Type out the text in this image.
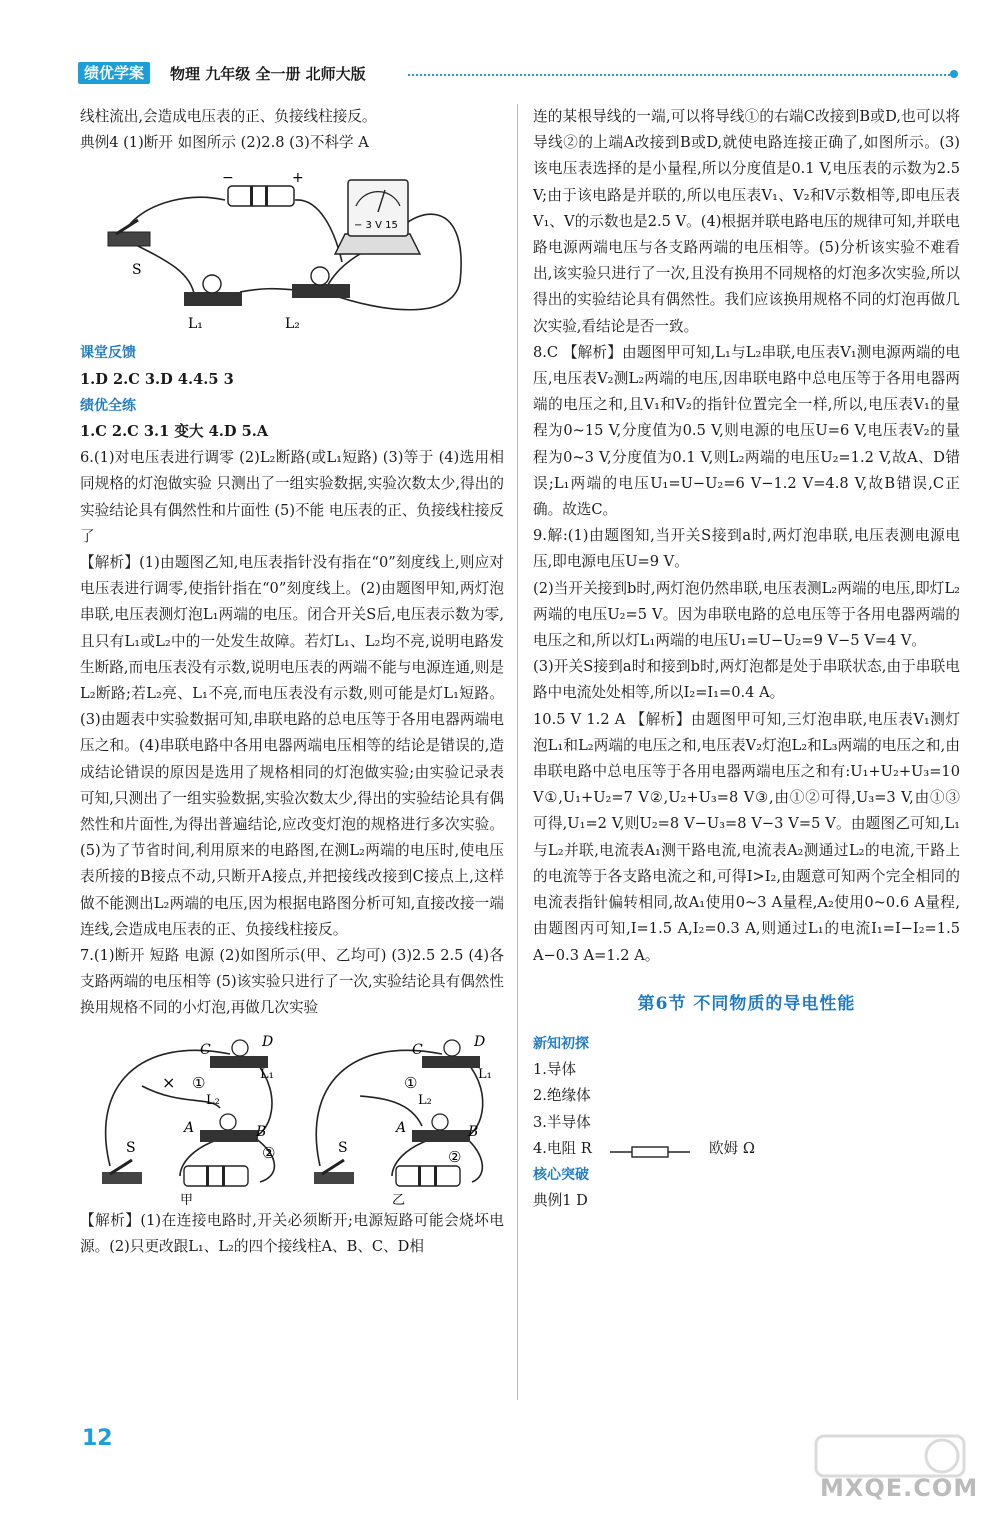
绩优学案	物理 九年级 全一册 北师大版

线柱流出,会造成电压表的正、负接线柱接反。

典例4 (1)断开 如图所示 (2)2.8 (3)不科学 A

−	+
− 3 V 15
S
L₁	L₂

课堂反馈

1.D 2.C 3.D 4.4.5 3

绩优全练

1.C 2.C 3.1 变大 4.D 5.A

6.(1)对电压表进行调零 (2)L₂断路(或L₁短路) (3)等于 (4)选用相同规格的灯泡做实验 只测出了一组实验数据,实验次数太少,得出的实验结论具有偶然性和片面性 (5)不能 电压表的正、负接线柱接反了

【解析】(1)由题图乙知,电压表指针没有指在“0”刻度线上,则应对电压表进行调零,使指针指在“0”刻度线上。(2)由题图甲知,两灯泡串联,电压表测灯泡L₁两端的电压。闭合开关S后,电压表示数为零,且只有L₁或L₂中的一处发生故障。若灯L₁、L₂均不亮,说明电路发生断路,而电压表没有示数,说明电压表的两端不能与电源连通,则是L₂断路;若L₂亮、L₁不亮,而电压表没有示数,则可能是灯L₁短路。(3)由题表中实验数据可知,串联电路的总电压等于各用电器两端电压之和。(4)串联电路中各用电器两端电压相等的结论是错误的,造成结论错误的原因是选用了规格相同的灯泡做实验;由实验记录表可知,只测出了一组实验数据,实验次数太少,得出的实验结论具有偶然性和片面性,为得出普遍结论,应改变灯泡的规格进行多次实验。(5)为了节省时间,利用原来的电路图,在测L₂两端的电压时,使电压表所接的B接点不动,只断开A接点,并把接线改接到C接点上,这样做不能测出L₂两端的电压,因为根据电路图分析可知,直接改接一端连线,会造成电压表的正、负接线柱接反。

7.(1)断开 短路 电源 (2)如图所示(甲、乙均可) (3)2.5 2.5 (4)各支路两端的电压相等 (5)该实验只进行了一次,实验结论具有偶然性 换用规格不同的小灯泡,再做几次实验

C	D
L₁
× ①
L₂
A	B
②
S
甲
C	D
L₁
①
L₂
A	B
②
S
乙

【解析】(1)在连接电路时,开关必须断开;电源短路可能会烧坏电源。(2)只更改跟L₁、L₂的四个接线柱A、B、C、D相

连的某根导线的一端,可以将导线①的右端C改接到B或D,也可以将导线②的上端A改接到B或D,就使电路连接正确了,如图所示。(3)该电压表选择的是小量程,所以分度值是0.1 V,电压表的示数为2.5 V;由于该电路是并联的,所以电压表V₁、V₂和V示数相等,即电压表V₁、V的示数也是2.5 V。(4)根据并联电路电压的规律可知,并联电路电源两端电压与各支路两端的电压相等。(5)分析该实验不难看出,该实验只进行了一次,且没有换用不同规格的灯泡多次实验,所以得出的实验结论具有偶然性。我们应该换用规格不同的灯泡再做几次实验,看结论是否一致。

8.C 【解析】由题图甲可知,L₁与L₂串联,电压表V₁测电源两端的电压,电压表V₂测L₂两端的电压,因串联电路中总电压等于各用电器两端的电压之和,且V₁和V₂的指针位置完全一样,所以,电压表V₁的量程为0~15 V,分度值为0.5 V,则电源的电压U=6 V,电压表V₂的量程为0~3 V,分度值为0.1 V,则L₂两端的电压U₂=1.2 V,故A、D错误;L₁两端的电压U₁=U−U₂=6 V−1.2 V=4.8 V,故B错误,C正确。故选C。

9.解:(1)由题图知,当开关S接到a时,两灯泡串联,电压表测电源电压,即电源电压U=9 V。

(2)当开关接到b时,两灯泡仍然串联,电压表测L₂两端的电压,即灯L₂两端的电压U₂=5 V。因为串联电路的总电压等于各用电器两端的电压之和,所以灯L₁两端的电压U₁=U−U₂=9 V−5 V=4 V。

(3)开关S接到a时和接到b时,两灯泡都是处于串联状态,由于串联电路中电流处处相等,所以I₂=I₁=0.4 A。

10.5 V 1.2 A 【解析】由题图甲可知,三灯泡串联,电压表V₁测灯泡L₁和L₂两端的电压之和,电压表V₂灯泡L₂和L₃两端的电压之和,由串联电路中总电压等于各用电器两端电压之和有:U₁+U₂+U₃=10 V①,U₁+U₂=7 V②,U₂+U₃=8 V③,由①②可得,U₃=3 V,由①③可得,U₁=2 V,则U₂=8 V−U₃=8 V−3 V=5 V。由题图乙可知,L₁与L₂并联,电流表A₁测干路电流,电流表A₂测通过L₂的电流,干路上的电流等于各支路电流之和,可得I>I₂,由题意可知两个完全相同的电流表指针偏转相同,故A₁使用0~3 A量程,A₂使用0~0.6 A量程,由题图丙可知,I=1.5 A,I₂=0.3 A,则通过L₁的电流I₁=I−I₂=1.5 A−0.3 A=1.2 A。

第6节 不同物质的导电性能

新知初探

1.导体

2.绝缘体

3.半导体

4.电阻 R	欧姆 Ω

核心突破

典例1 D

12
MXQE.COM
